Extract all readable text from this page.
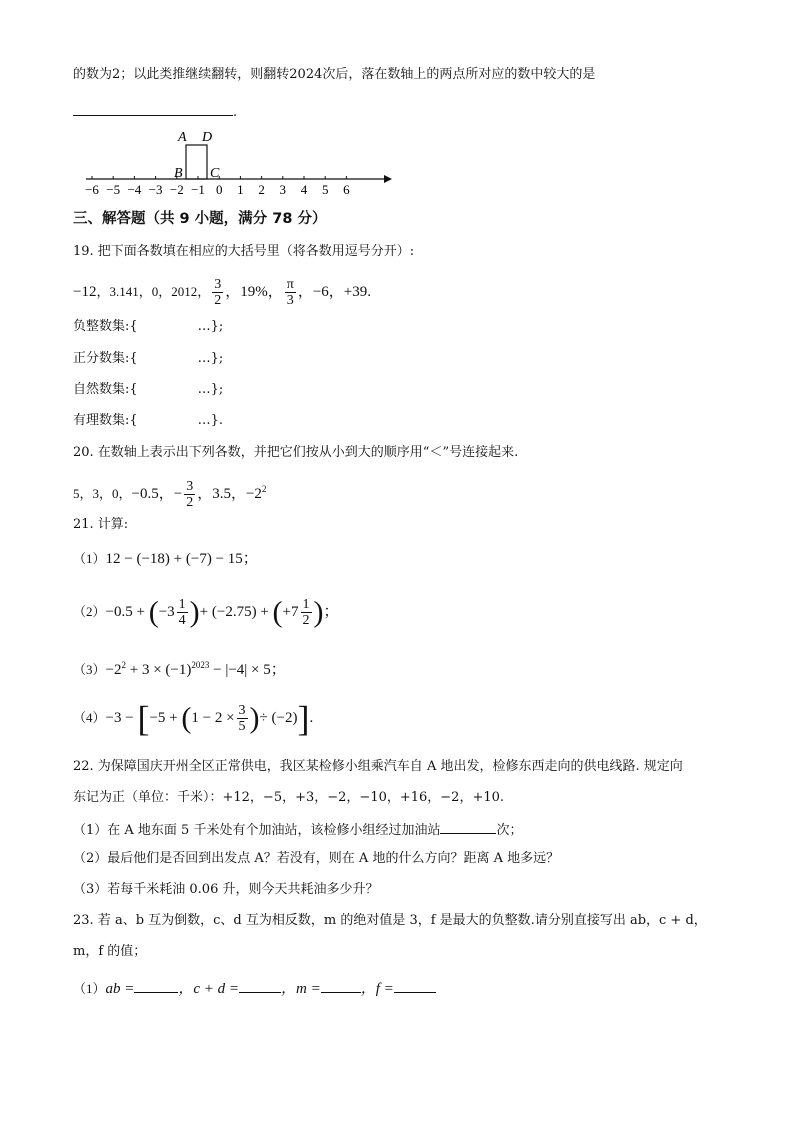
的数为2；以此类推继续翻转，则翻转2024次后，落在数轴上的两点所对应的数中较大的是
.
A D
B C
−6 −5 −4 −3 −2 −1 0 1 2 3 4 5 6
三、解答题（共 9 小题，满分 78 分）
19. 把下面各数填在相应的大括号里（将各数用逗号分开）:
−12，3.141，0，2012， $\frac{3}{2}$ ，19%， $\frac{\pi}{3}$ ，−6，+39.
负整数集:{	…};
正分数集:{	…};
自然数集:{	…};
有理数集:{	…}.
20. 在数轴上表示出下列各数，并把它们按从小到大的顺序用“＜”号连接起来.
5，3，0，−0.5，− $\frac{3}{2}$ ，3.5，$-2^2$
21. 计算:
（1）12 − (−18) + (−7) − 15；
$(2)-0.5 + (-3 \frac{1}{4}$ )+ $(-2.75) + (+7 \frac{1}{2}$ )；
$(3)-2^2 + 3 \times (-1)^{2023} - |-4| \times 5$；
$(4)-3 - [-5 + (1 - 2 \times \frac{3}{5}$ )÷ (−2)].
22. 为保障国庆开州全区正常供电，我区某检修小组乘汽车自 A 地出发，检修东西走向的供电线路. 规定向
东记为正（单位：千米）：+12，−5，+3，−2，−10，+16，−2，+10.
（1）在 A 地东面 5 千米处有个加油站，该检修小组经过加油站	次；
（2）最后他们是否回到出发点 A？若没有，则在 A 地的什么方向？距离 A 地多远？
（3）若每千米耗油 0.06 升，则今天共耗油多少升？
23. 若 a、b 互为倒数，c、d 互为相反数，m 的绝对值是 3，f 是最大的负整数.请分别直接写出 ab，c + d，
m，f 的值；
（1）ab =	，c + d =	，m =	，f =
